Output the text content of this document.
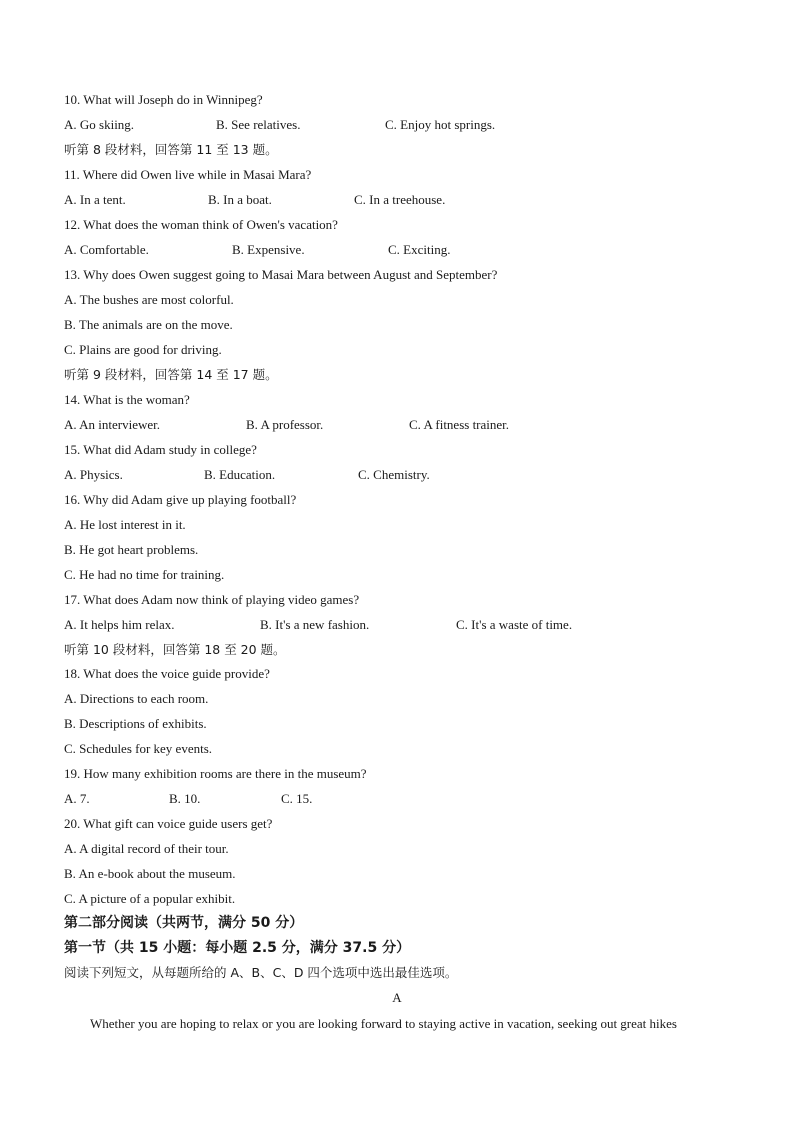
10. What will Joseph do in Winnipeg?
A. Go skiing.	B. See relatives.	C. Enjoy hot springs.
听第 8 段材料，回答第 11 至 13 题。
11. Where did Owen live while in Masai Mara?
A. In a tent.	B. In a boat.	C. In a treehouse.
12. What does the woman think of Owen's vacation?
A. Comfortable.	B. Expensive.	C. Exciting.
13. Why does Owen suggest going to Masai Mara between August and September?
A. The bushes are most colorful.
B. The animals are on the move.
C. Plains are good for driving.
听第 9 段材料，回答第 14 至 17 题。
14. What is the woman?
A. An interviewer.	B. A professor.	C. A fitness trainer.
15. What did Adam study in college?
A. Physics.	B. Education.	C. Chemistry.
16. Why did Adam give up playing football?
A. He lost interest in it.
B. He got heart problems.
C. He had no time for training.
17. What does Adam now think of playing video games?
A. It helps him relax.	B. It's a new fashion.	C. It's a waste of time.
听第 10 段材料，回答第 18 至 20 题。
18. What does the voice guide provide?
A. Directions to each room.
B. Descriptions of exhibits.
C. Schedules for key events.
19. How many exhibition rooms are there in the museum?
A. 7.	B. 10.	C. 15.
20. What gift can voice guide users get?
A. A digital record of their tour.
B. An e-book about the museum.
C. A picture of a popular exhibit.
第二部分阅读（共两节，满分 50 分）
第一节（共 15 小题：每小题 2.5 分，满分 37.5 分）
阅读下列短文，从每题所给的 A、B、C、D 四个选项中选出最佳选项。
A
Whether you are hoping to relax or you are looking forward to staying active in vacation, seeking out great hikes
